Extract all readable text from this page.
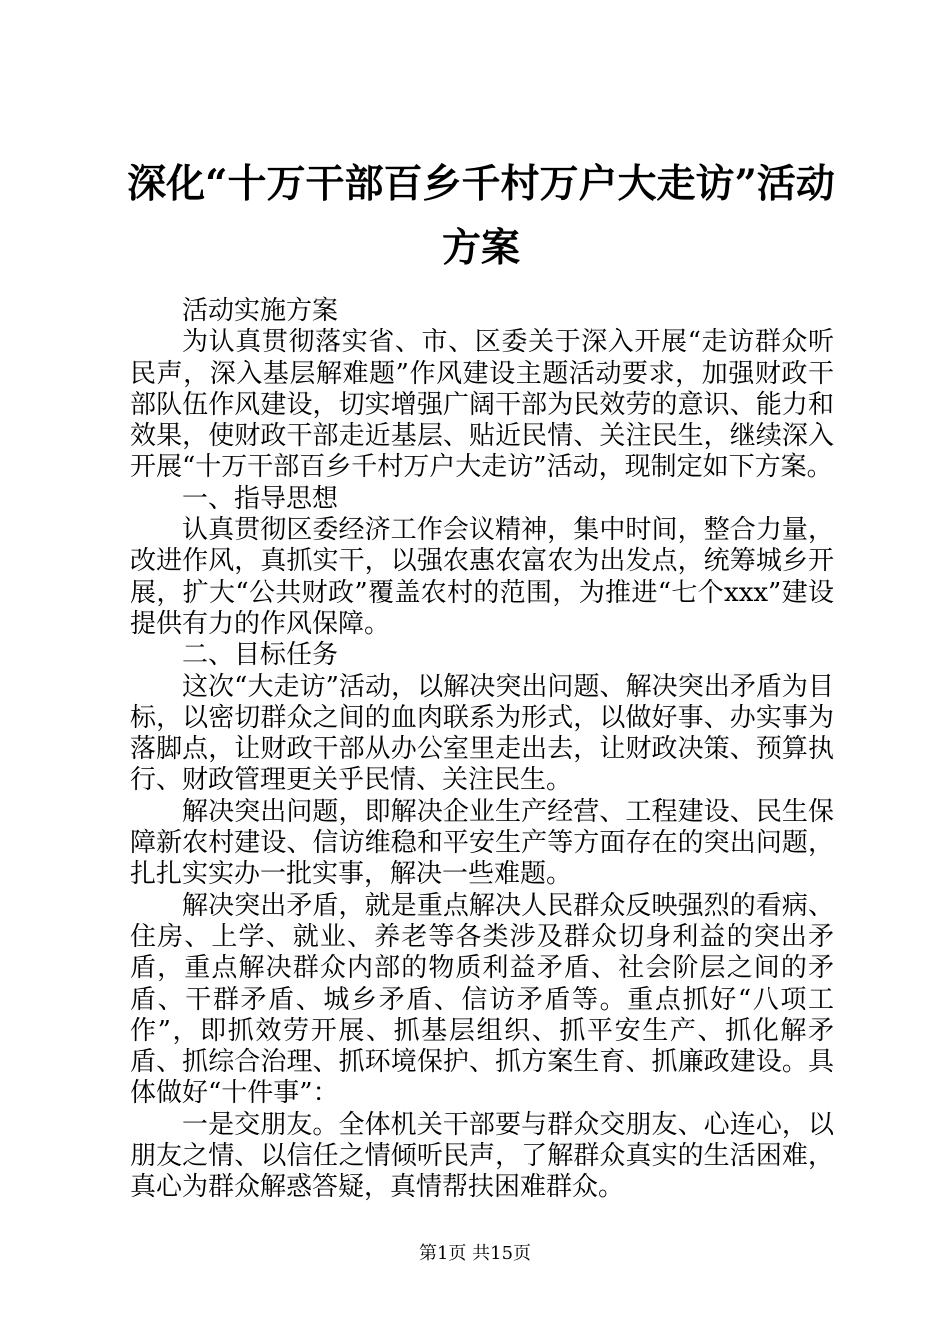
深化“十万干部百乡千村万户大走访”活动方案

活动实施方案

为认真贯彻落实省、市、区委关于深入开展“走访群众听民声，深入基层解难题”作风建设主题活动要求，加强财政干部队伍作风建设，切实增强广阔干部为民效劳的意识、能力和效果，使财政干部走近基层、贴近民情、关注民生，继续深入开展“十万干部百乡千村万户大走访”活动，现制定如下方案。

一、指导思想

认真贯彻区委经济工作会议精神，集中时间，整合力量，改进作风，真抓实干，以强农惠农富农为出发点，统筹城乡开展，扩大“公共财政”覆盖农村的范围，为推进“七个xxx”建设提供有力的作风保障。

二、目标任务

这次“大走访”活动，以解决突出问题、解决突出矛盾为目标，以密切群众之间的血肉联系为形式，以做好事、办实事为落脚点，让财政干部从办公室里走出去，让财政决策、预算执行、财政管理更关乎民情、关注民生。

解决突出问题，即解决企业生产经营、工程建设、民生保障新农村建设、信访维稳和平安生产等方面存在的突出问题，扎扎实实办一批实事，解决一些难题。

解决突出矛盾，就是重点解决人民群众反映强烈的看病、住房、上学、就业、养老等各类涉及群众切身利益的突出矛盾，重点解决群众内部的物质利益矛盾、社会阶层之间的矛盾、干群矛盾、城乡矛盾、信访矛盾等。重点抓好“八项工作”，即抓效劳开展、抓基层组织、抓平安生产、抓化解矛盾、抓综合治理、抓环境保护、抓方案生育、抓廉政建设。具体做好“十件事”：

一是交朋友。全体机关干部要与群众交朋友、心连心，以朋友之情、以信任之情倾听民声，了解群众真实的生活困难，真心为群众解惑答疑，真情帮扶困难群众。

第1页 共15页
